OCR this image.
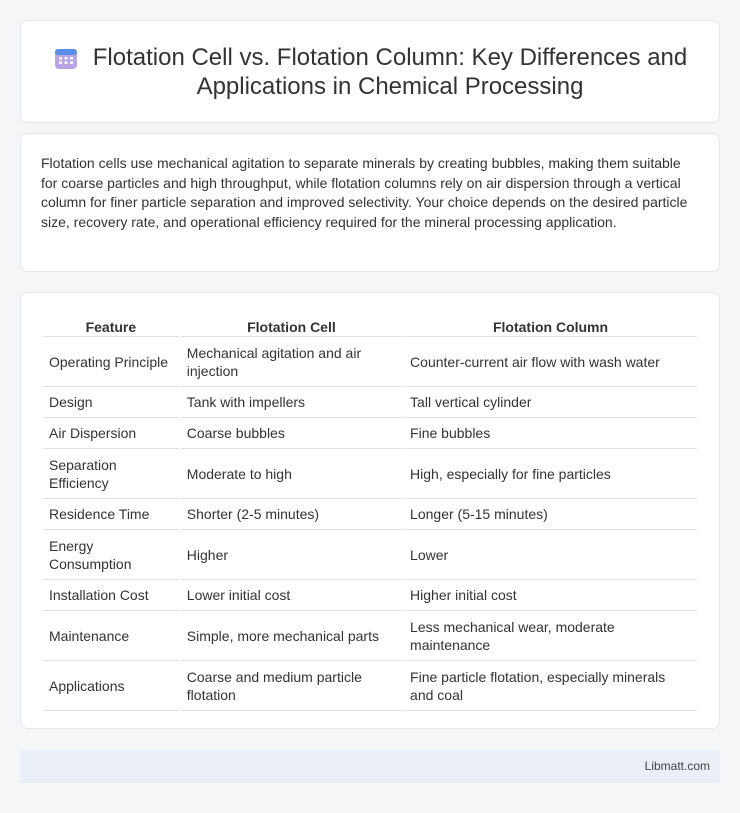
Flotation Cell vs. Flotation Column: Key Differences and Applications in Chemical Processing

Flotation cells use mechanical agitation to separate minerals by creating bubbles, making them suitable for coarse particles and high throughput, while flotation columns rely on air dispersion through a vertical column for finer particle separation and improved selectivity. Your choice depends on the desired particle size, recovery rate, and operational efficiency required for the mineral processing application.

Feature	Flotation Cell	Flotation Column
Operating Principle	Mechanical agitation and air injection	Counter-current air flow with wash water
Design	Tank with impellers	Tall vertical cylinder
Air Dispersion	Coarse bubbles	Fine bubbles
Separation Efficiency	Moderate to high	High, especially for fine particles
Residence Time	Shorter (2-5 minutes)	Longer (5-15 minutes)
Energy Consumption	Higher	Lower
Installation Cost	Lower initial cost	Higher initial cost
Maintenance	Simple, more mechanical parts	Less mechanical wear, moderate maintenance
Applications	Coarse and medium particle flotation	Fine particle flotation, especially minerals and coal
Libmatt.com
